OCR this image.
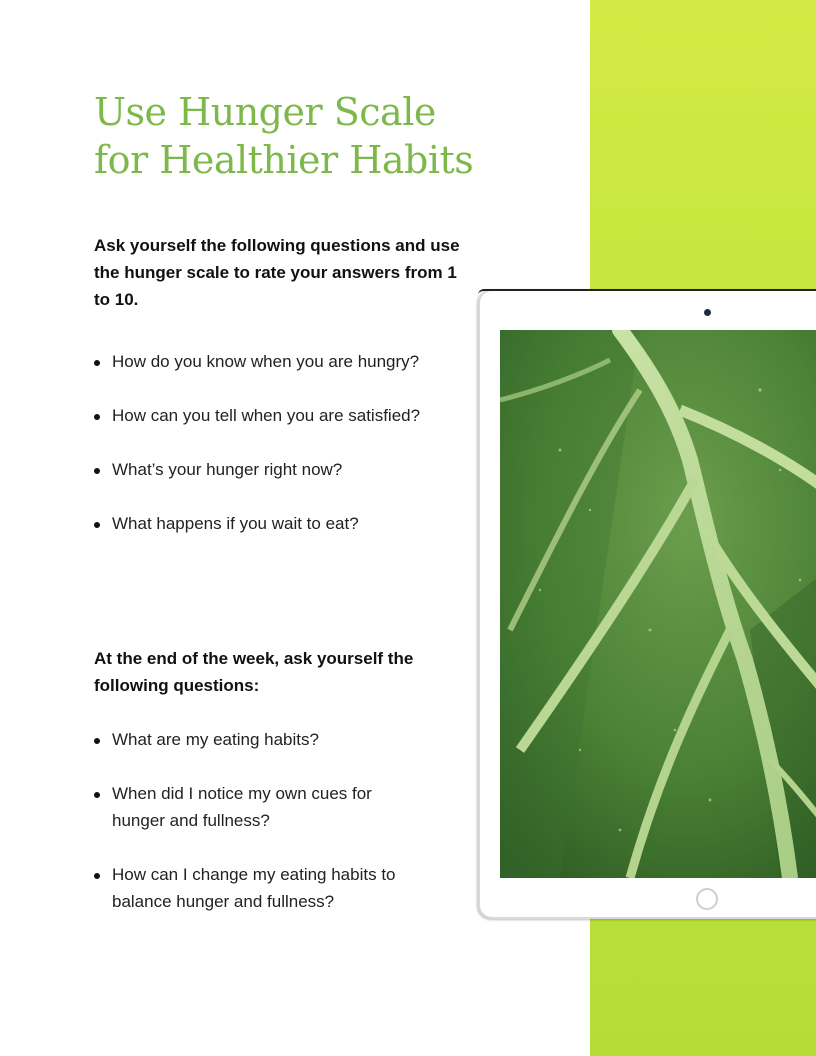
Use Hunger Scale
for Healthier Habits

Ask yourself the following questions and use the hunger scale to rate your answers from 1 to 10.

How do you know when you are hungry?
How can you tell when you are satisfied?
What’s your hunger right now?
What happens if you wait to eat?

At the end of the week, ask yourself the following questions:

What are my eating habits?
When did I notice my own cues for hunger and fullness?
How can I change my eating habits to balance hunger and fullness?
